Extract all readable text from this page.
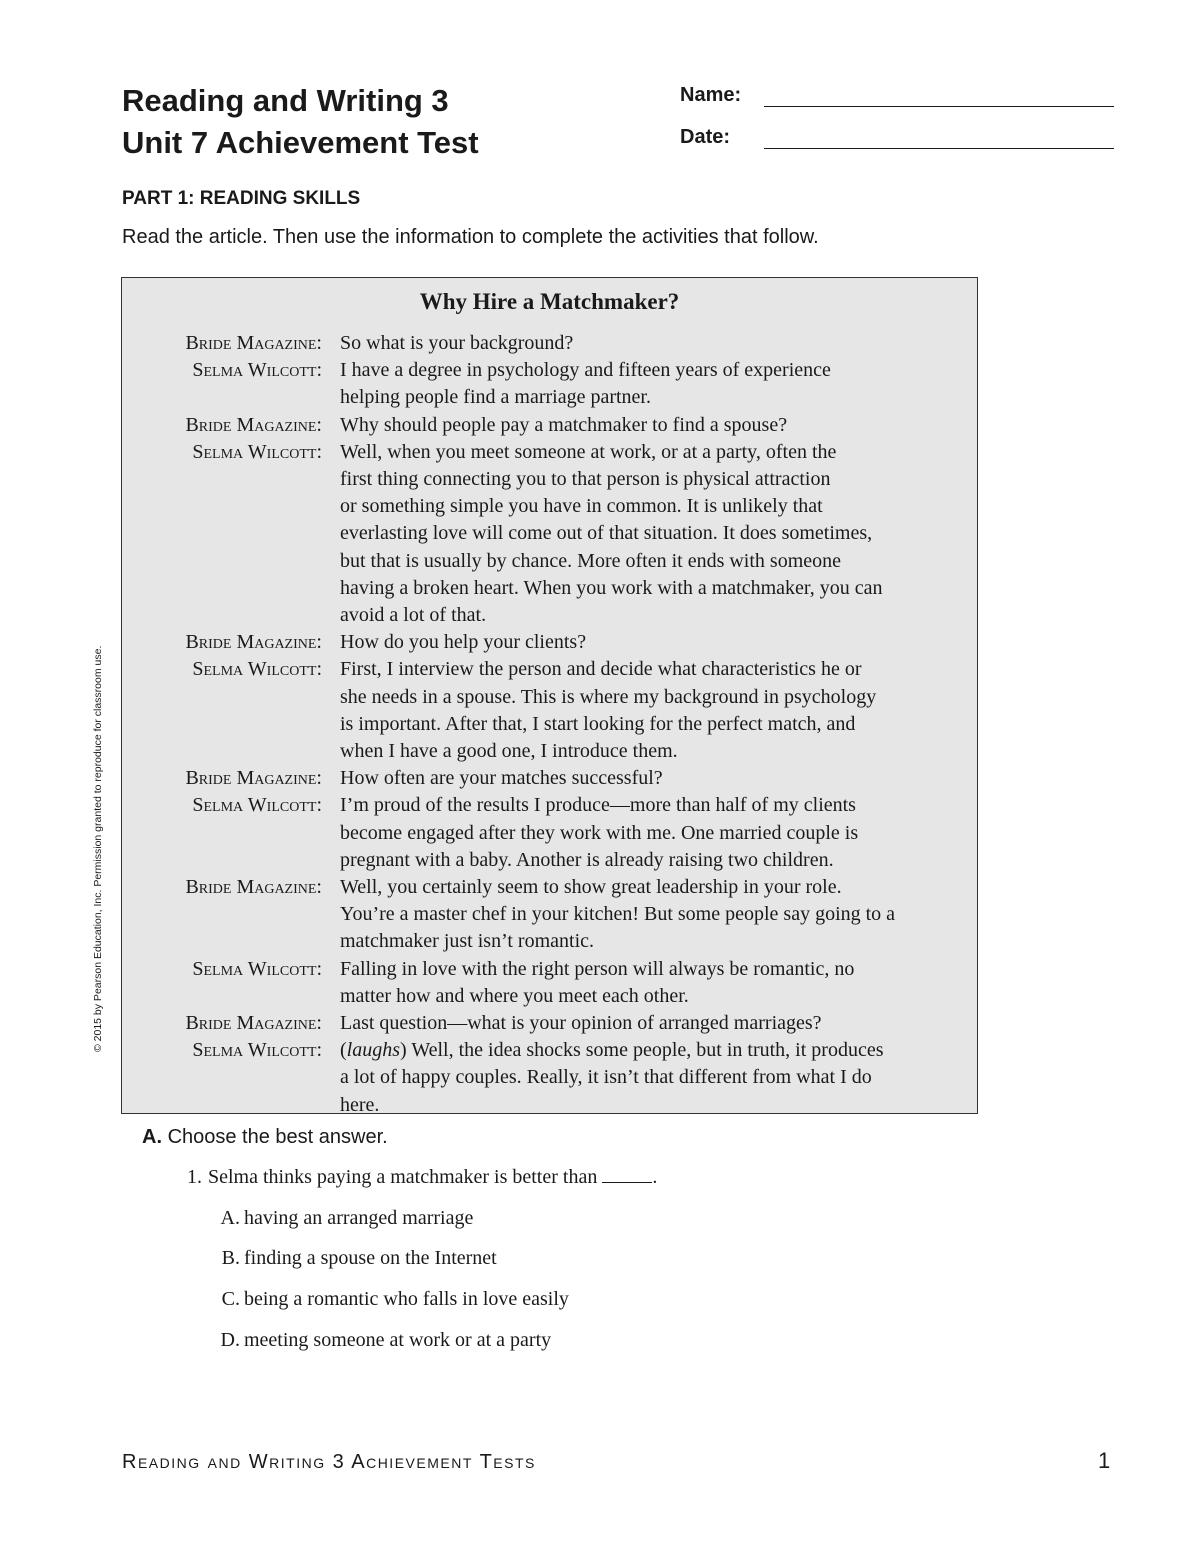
Reading and Writing 3
Unit 7 Achievement Test
Name:
Date:
PART 1: READING SKILLS
Read the article. Then use the information to complete the activities that follow.
Why Hire a Matchmaker?
Bride Magazine: So what is your background?
Selma Wilcott: I have a degree in psychology and fifteen years of experience
helping people find a marriage partner.
Bride Magazine: Why should people pay a matchmaker to find a spouse?
Selma Wilcott: Well, when you meet someone at work, or at a party, often the
first thing connecting you to that person is physical attraction
or something simple you have in common. It is unlikely that
everlasting love will come out of that situation. It does sometimes,
but that is usually by chance. More often it ends with someone
having a broken heart. When you work with a matchmaker, you can
avoid a lot of that.
Bride Magazine: How do you help your clients?
Selma Wilcott: First, I interview the person and decide what characteristics he or
she needs in a spouse. This is where my background in psychology
is important. After that, I start looking for the perfect match, and
when I have a good one, I introduce them.
Bride Magazine: How often are your matches successful?
Selma Wilcott: I’m proud of the results I produce—more than half of my clients
become engaged after they work with me. One married couple is
pregnant with a baby. Another is already raising two children.
Bride Magazine: Well, you certainly seem to show great leadership in your role.
You’re a master chef in your kitchen! But some people say going to a
matchmaker just isn’t romantic.
Selma Wilcott: Falling in love with the right person will always be romantic, no
matter how and where you meet each other.
Bride Magazine: Last question—what is your opinion of arranged marriages?
Selma Wilcott: (laughs) Well, the idea shocks some people, but in truth, it produces
a lot of happy couples. Really, it isn’t that different from what I do
here.
A. Choose the best answer.
1. Selma thinks paying a matchmaker is better than	.
A. having an arranged marriage
B. finding a spouse on the Internet
C. being a romantic who falls in love easily
D. meeting someone at work or at a party
© 2015 by Pearson Education, Inc. Permission granted to reproduce for classroom use.
Reading and Writing 3 Achievement Tests	1
